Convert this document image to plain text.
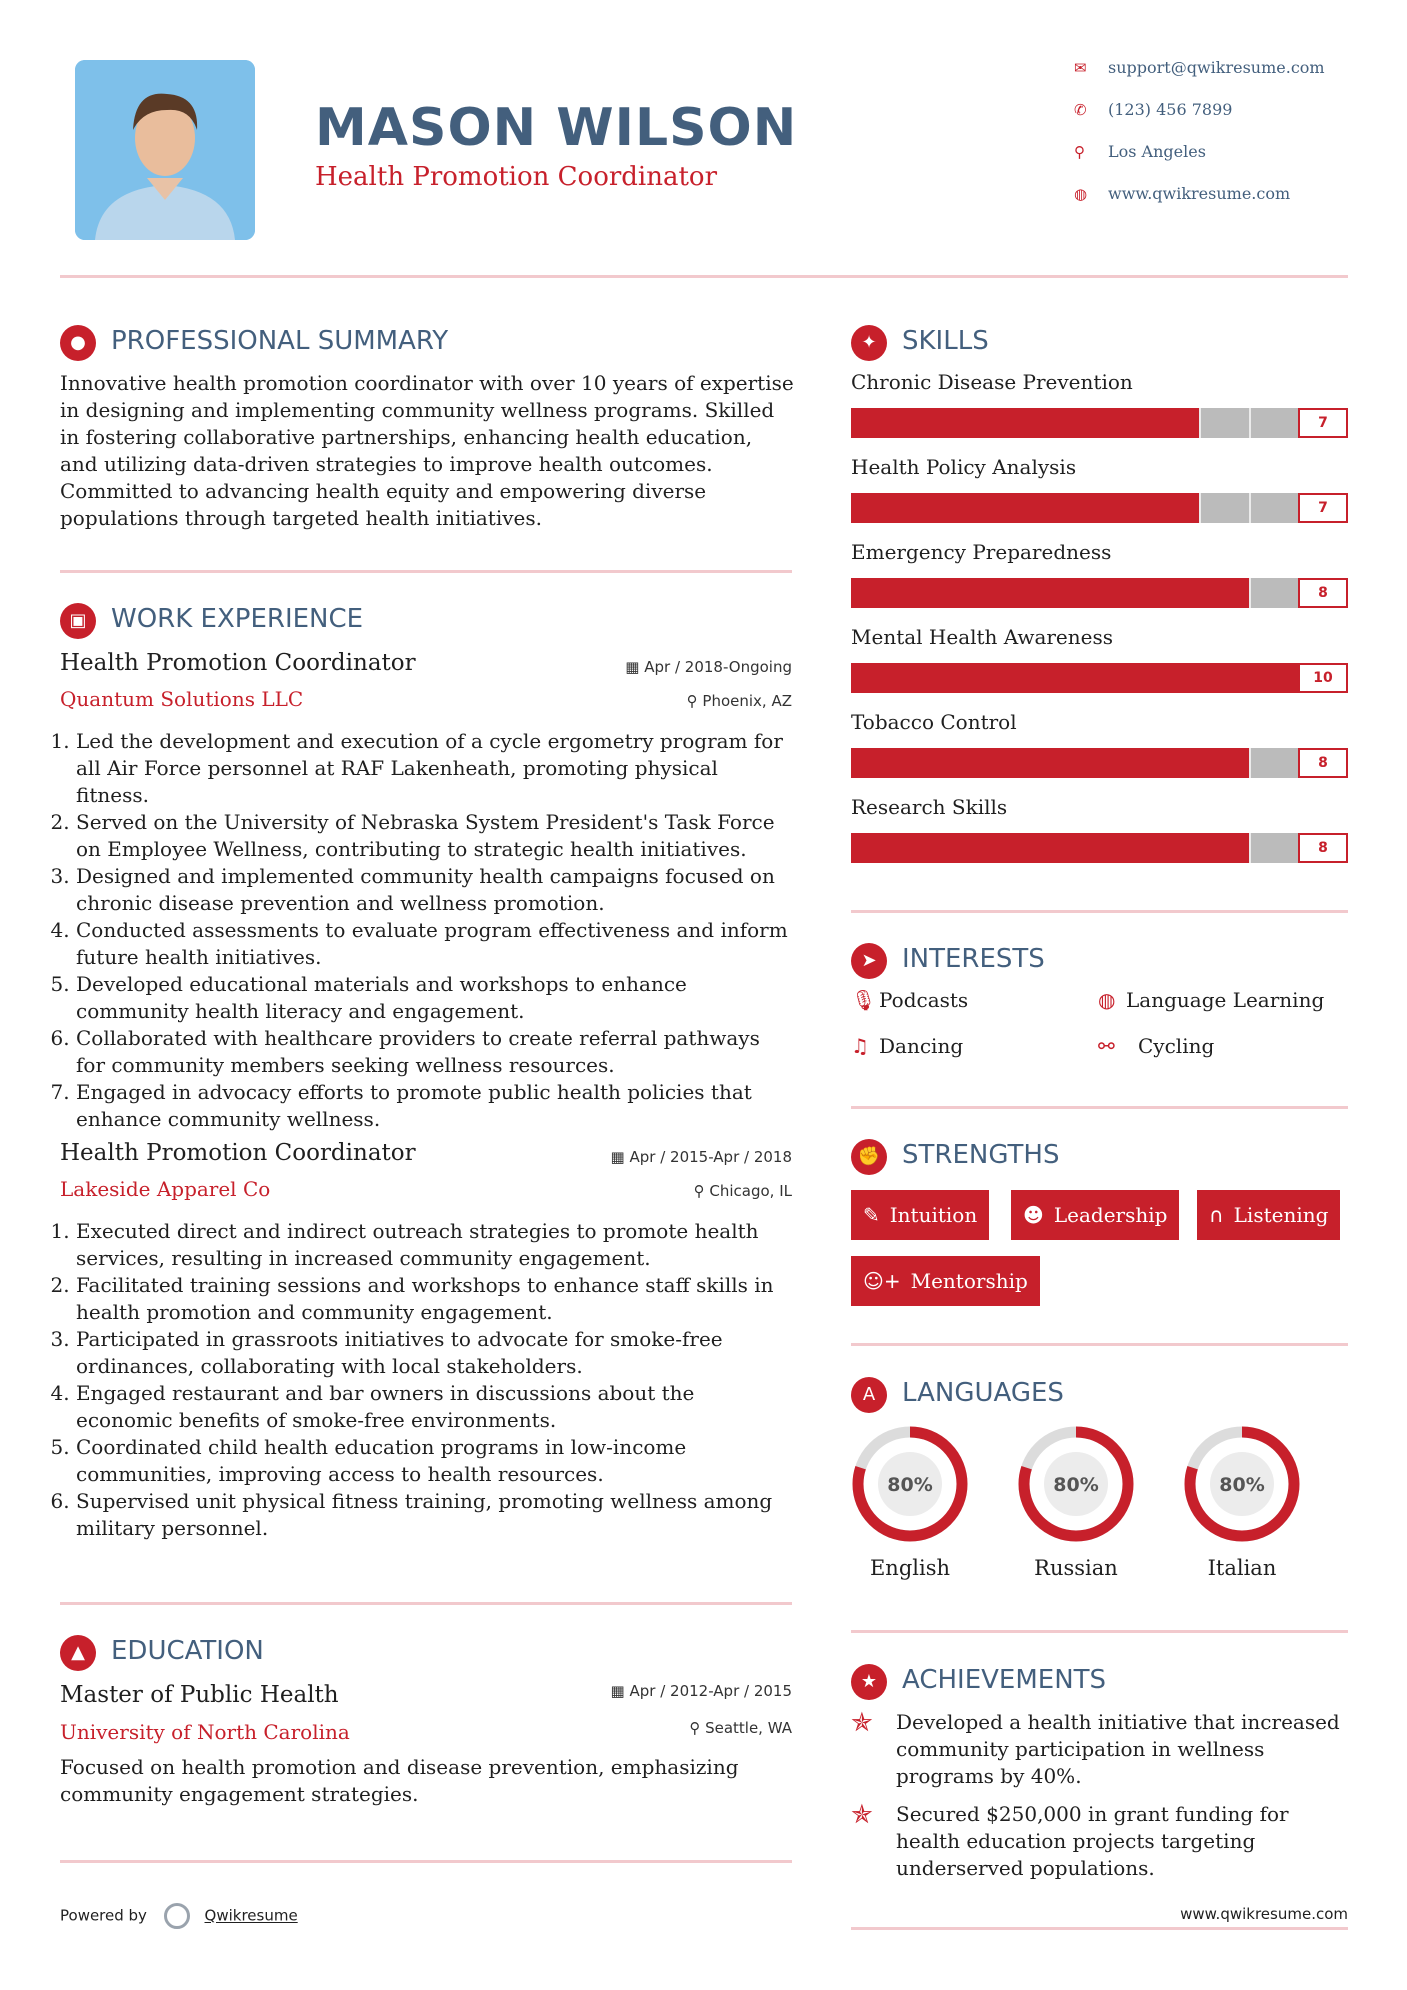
MASON WILSON
Health Promotion Coordinator
✉ support@qwikresume.com
✆ (123) 456 7899
⚲ Los Angeles
◍ www.qwikresume.com
● PROFESSIONAL SUMMARY
Innovative health promotion coordinator with over 10 years of expertise in designing and implementing community wellness programs. Skilled in fostering collaborative partnerships, enhancing health education, and utilizing data-driven strategies to improve health outcomes. Committed to advancing health equity and empowering diverse populations through targeted health initiatives.
▣ WORK EXPERIENCE
Health Promotion Coordinator	▦ Apr / 2018-Ongoing
Quantum Solutions LLC	⚲ Phoenix, AZ
1. Led the development and execution of a cycle ergometry program for all Air Force personnel at RAF Lakenheath, promoting physical fitness.
2. Served on the University of Nebraska System President's Task Force on Employee Wellness, contributing to strategic health initiatives.
3. Designed and implemented community health campaigns focused on chronic disease prevention and wellness promotion.
4. Conducted assessments to evaluate program effectiveness and inform future health initiatives.
5. Developed educational materials and workshops to enhance community health literacy and engagement.
6. Collaborated with healthcare providers to create referral pathways for community members seeking wellness resources.
7. Engaged in advocacy efforts to promote public health policies that enhance community wellness.
Health Promotion Coordinator	▦ Apr / 2015-Apr / 2018
Lakeside Apparel Co	⚲ Chicago, IL
1. Executed direct and indirect outreach strategies to promote health services, resulting in increased community engagement.
2. Facilitated training sessions and workshops to enhance staff skills in health promotion and community engagement.
3. Participated in grassroots initiatives to advocate for smoke-free ordinances, collaborating with local stakeholders.
4. Engaged restaurant and bar owners in discussions about the economic benefits of smoke-free environments.
5. Coordinated child health education programs in low-income communities, improving access to health resources.
6. Supervised unit physical fitness training, promoting wellness among military personnel.
▲	EDUCATION
Master of Public Health	▦ Apr / 2012-Apr / 2015
University of North Carolina	⚲ Seattle, WA
Focused on health promotion and disease prevention, emphasizing community engagement strategies.
Powered by	Qwikresume
✦ SKILLS
Chronic Disease Prevention
7
Health Policy Analysis
7
Emergency Preparedness
8
Mental Health Awareness
10
Tobacco Control
8
Research Skills
8
➤ INTERESTS
🎙 Podcasts	◍ Language Learning
♫ Dancing	⚯ Cycling
✊ STRENGTHS
✎ Intuition	☻ Leadership	∩ Listening
☺+ Mentorship
A	LANGUAGES
80%
English
80%
Russian
80%
Italian
★ ACHIEVEMENTS
✯ Developed a health initiative that increased community participation in wellness programs by 40%.
✯ Secured $250,000 in grant funding for health education projects targeting underserved populations.
www.qwikresume.com
